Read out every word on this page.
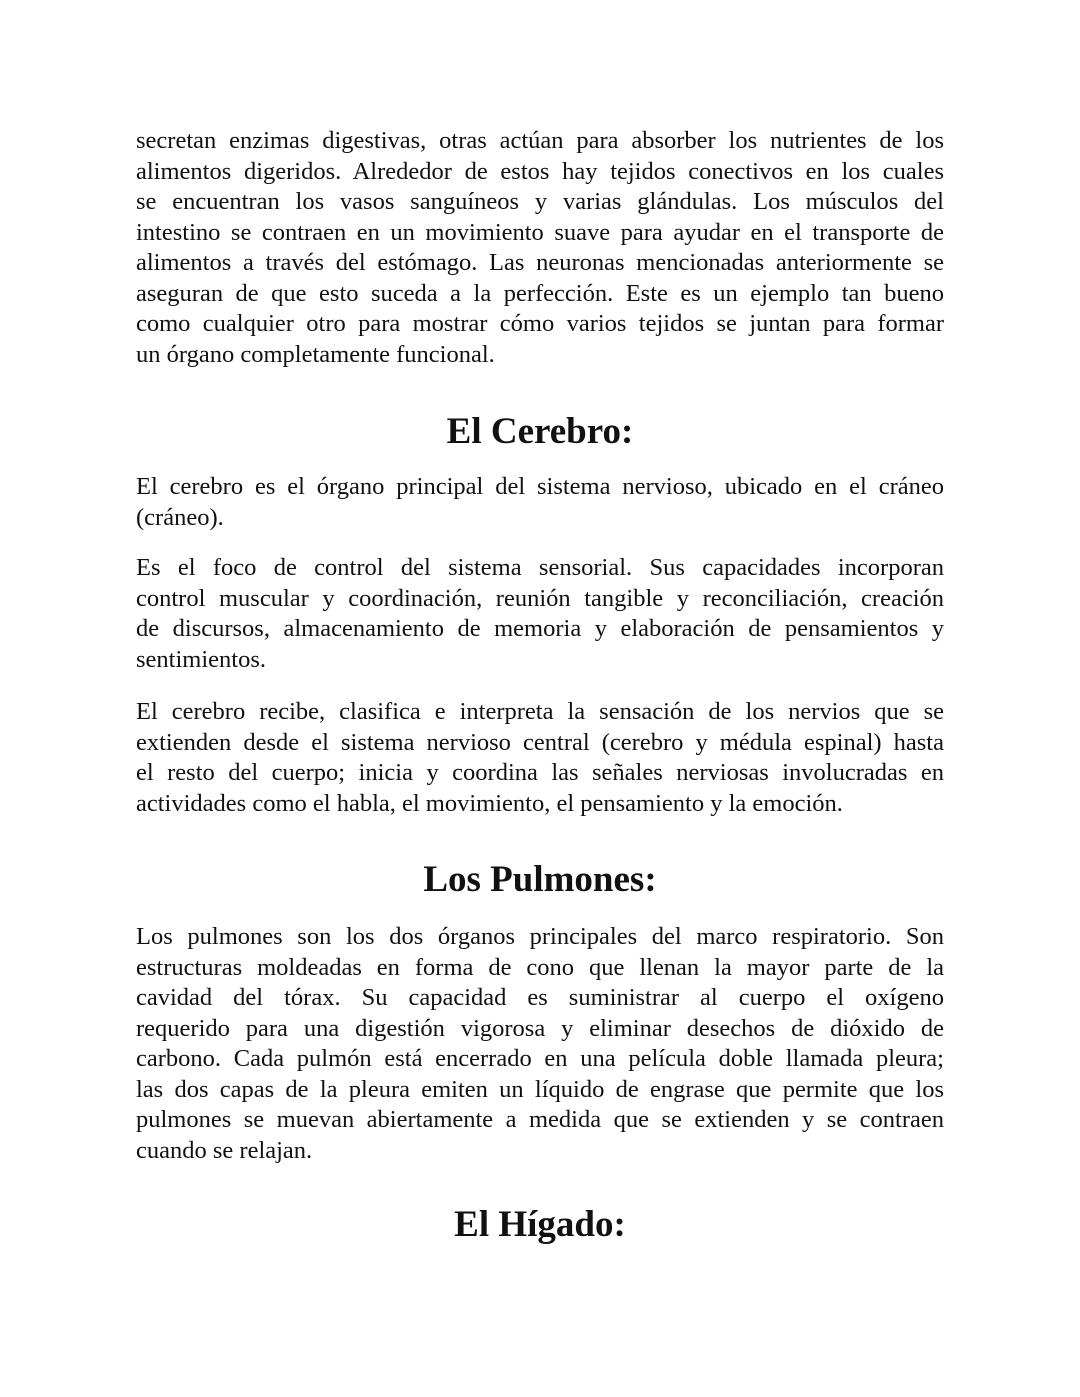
secretan enzimas digestivas, otras actúan para absorber los nutrientes de los
alimentos digeridos. Alrededor de estos hay tejidos conectivos en los cuales
se encuentran los vasos sanguíneos y varias glándulas. Los músculos del
intestino se contraen en un movimiento suave para ayudar en el transporte de
alimentos a través del estómago. Las neuronas mencionadas anteriormente se
aseguran de que esto suceda a la perfección. Este es un ejemplo tan bueno
como cualquier otro para mostrar cómo varios tejidos se juntan para formar
un órgano completamente funcional.
El Cerebro:
El cerebro es el órgano principal del sistema nervioso, ubicado en el cráneo
(cráneo).
Es el foco de control del sistema sensorial. Sus capacidades incorporan
control muscular y coordinación, reunión tangible y reconciliación, creación
de discursos, almacenamiento de memoria y elaboración de pensamientos y
sentimientos.
El cerebro recibe, clasifica e interpreta la sensación de los nervios que se
extienden desde el sistema nervioso central (cerebro y médula espinal) hasta
el resto del cuerpo; inicia y coordina las señales nerviosas involucradas en
actividades como el habla, el movimiento, el pensamiento y la emoción.
Los Pulmones:
Los pulmones son los dos órganos principales del marco respiratorio. Son
estructuras moldeadas en forma de cono que llenan la mayor parte de la
cavidad del tórax. Su capacidad es suministrar al cuerpo el oxígeno
requerido para una digestión vigorosa y eliminar desechos de dióxido de
carbono. Cada pulmón está encerrado en una película doble llamada pleura;
las dos capas de la pleura emiten un líquido de engrase que permite que los
pulmones se muevan abiertamente a medida que se extienden y se contraen
cuando se relajan.
El Hígado:
